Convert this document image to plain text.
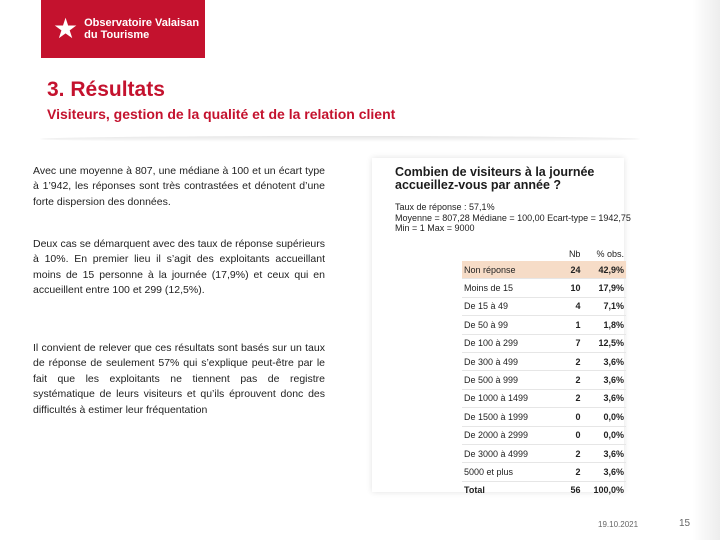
★ Observatoire Valaisan
du Tourisme
3. Résultats
Visiteurs, gestion de la qualité et de la relation client

Avec une moyenne à 807, une médiane à 100 et un écart type à 1’942, les réponses sont très contrastées et dénotent d’une forte dispersion des données.

Deux cas se démarquent avec des taux de réponse supérieurs à 10%. En premier lieu il s’agit des exploitants accueillant moins de 15 personne à la journée (17,9%) et ceux qui en accueillent entre 100 et 299 (12,5%).

Il convient de relever que ces résultats sont basés sur un taux de réponse de seulement 57% qui s’explique peut-être par le fait que les exploitants ne tiennent pas de registre systématique de leurs visiteurs et qu’ils éprouvent donc des difficultés à estimer leur fréquentation

Combien de visiteurs à la journée accueillez-vous par année ?

Taux de réponse : 57,1%
Moyenne = 807,28 Médiane = 100,00 Ecart-type = 1942,75
Min = 1 Max = 9000
	Nb	% obs.
Non réponse	24	42,9%
Moins de 15	10	17,9%
De 15 à 49	4	7,1%
De 50 à 99	1	1,8%
De 100 à 299	7	12,5%
De 300 à 499	2	3,6%
De 500 à 999	2	3,6%
De 1000 à 1499	2	3,6%
De 1500 à 1999	0	0,0%
De 2000 à 2999	0	0,0%
De 3000 à 4999	2	3,6%
5000 et plus	2	3,6%
Total	56	100,0%
19.10.2021	15
